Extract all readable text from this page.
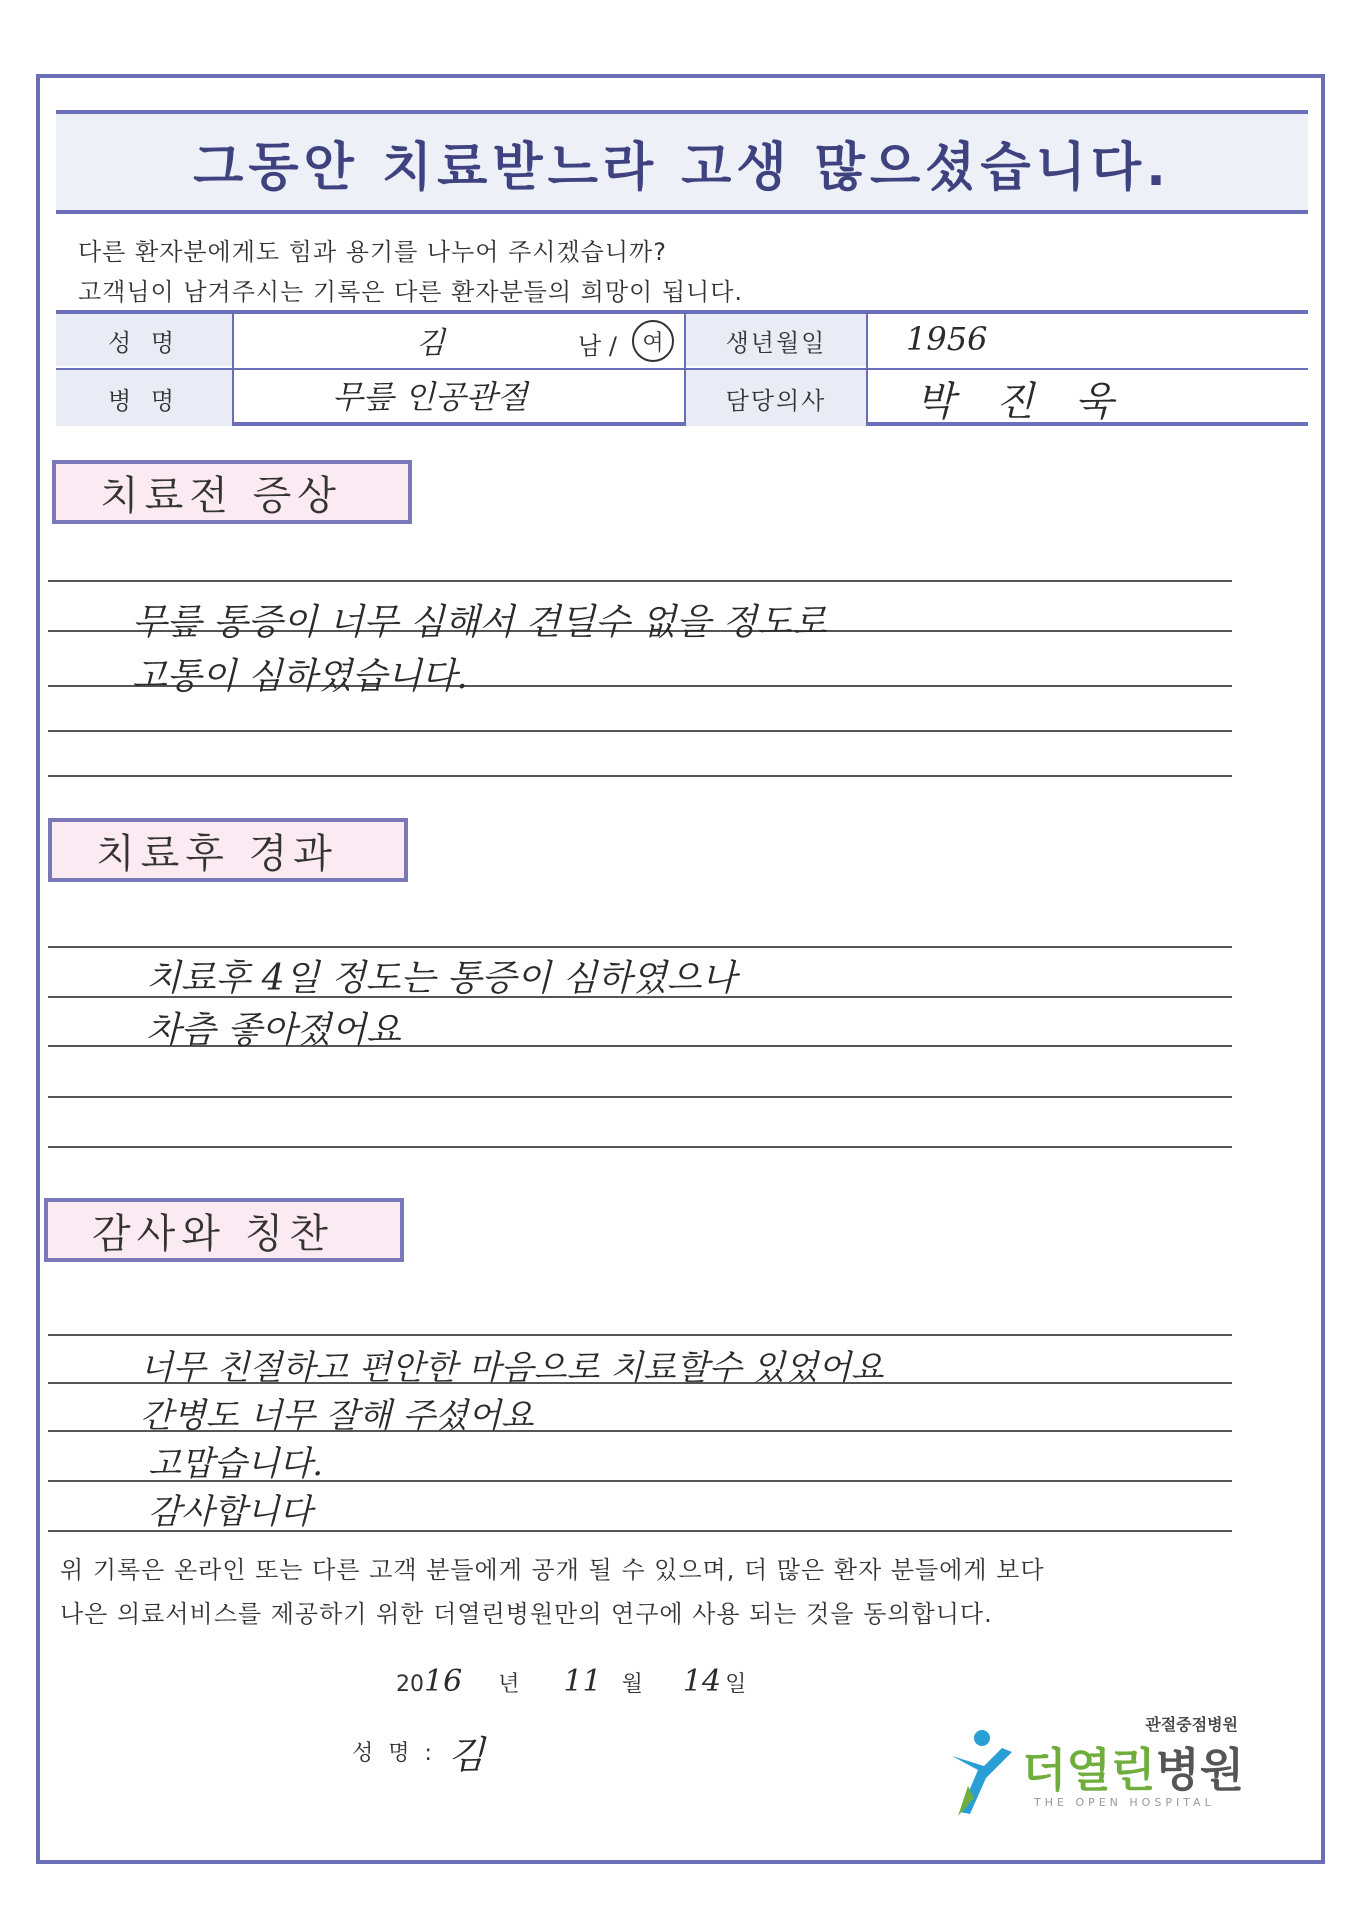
그동안 치료받느라 고생 많으셨습니다.
다른 환자분에게도 힘과 용기를 나누어 주시겠습니까?
고객님이 남겨주시는 기록은 다른 환자분들의 희망이 됩니다.
성 명
병 명
김	남 /	여
무릎 인공관절
생년월일
담당의사
1956
박 진 욱
치료전 증상
무릎 통증이 너무 심해서 견딜수 없을 정도로
고통이 심하였습니다.
치료후 경과
치료후 4일 정도는 통증이 심하였으나
차츰 좋아졌어요
감사와 칭찬
너무 친절하고 편안한 마음으로 치료할수 있었어요
간병도 너무 잘해 주셨어요
고맙습니다.
감사합니다
위 기록은 온라인 또는 다른 고객 분들에게 공개 될 수 있으며, 더 많은 환자 분들에게 보다
나은 의료서비스를 제공하기 위한 더열린병원만의 연구에 사용 되는 것을 동의합니다.
2016 년 11 월 14 일
성 명 : 김
관절중점병원
더열린병원
THE OPEN HOSPITAL
